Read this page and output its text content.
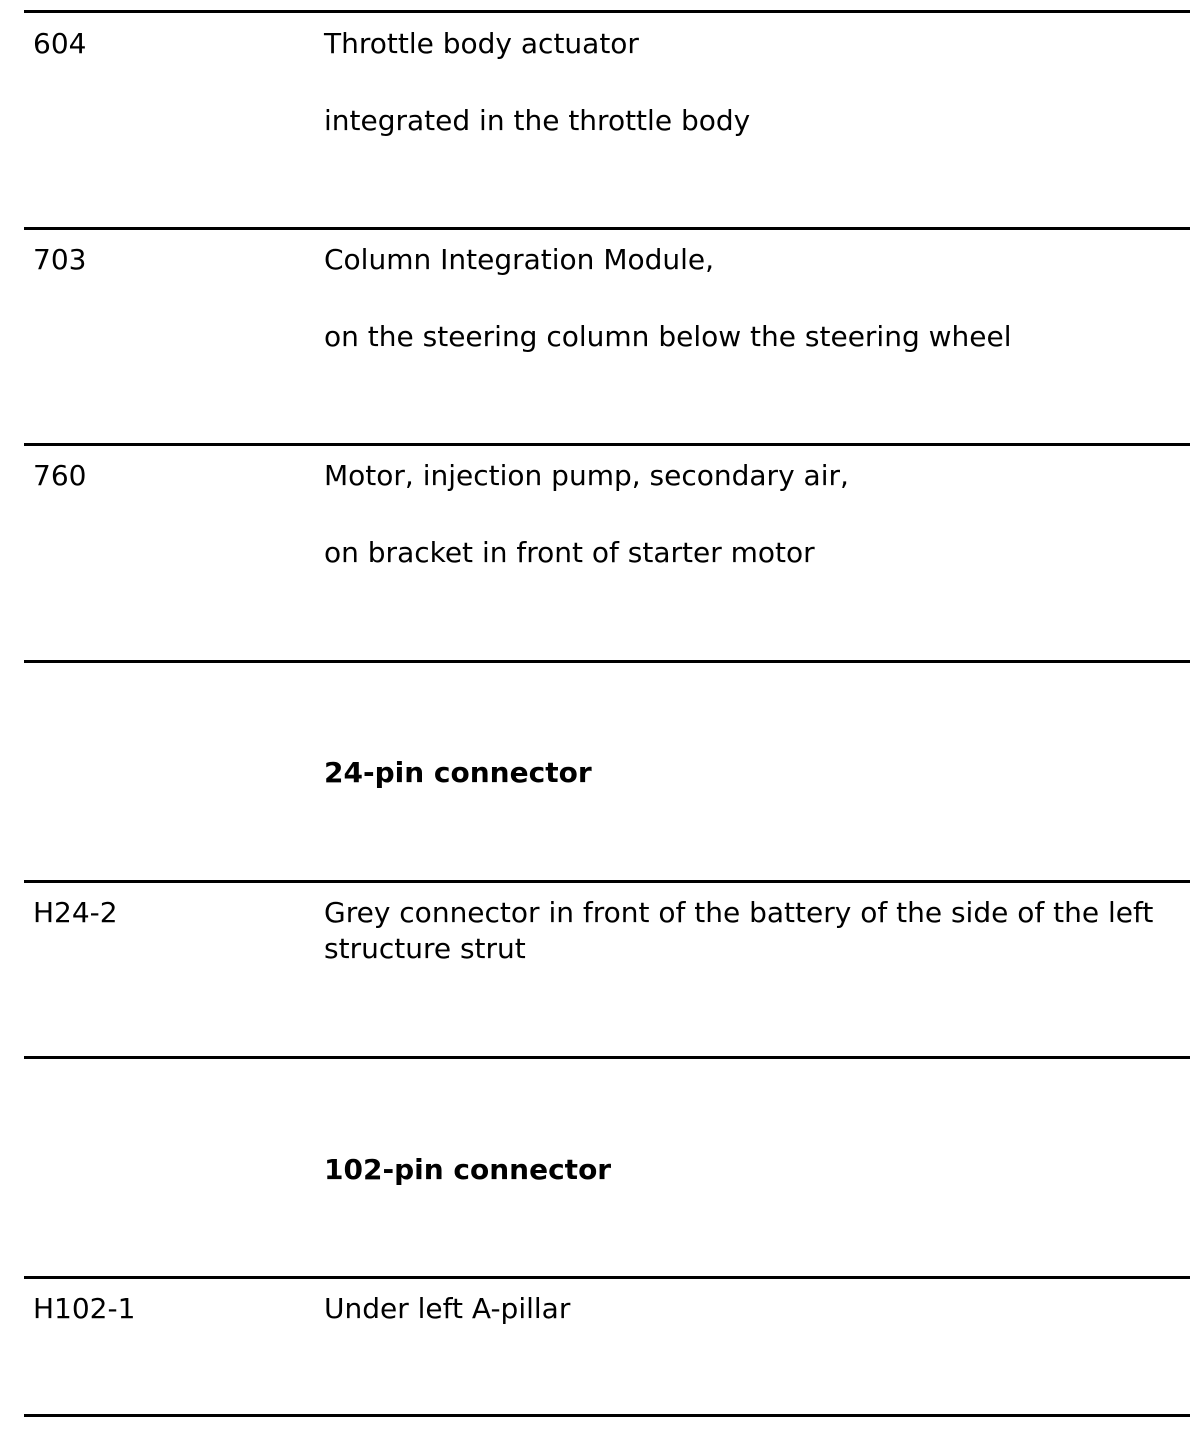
604	Throttle body actuator
integrated in the throttle body
703	Column Integration Module,
on the steering column below the steering wheel
760	Motor, injection pump, secondary air,
on bracket in front of starter motor
24-pin connector
H24-2	Grey connector in front of the battery of the side of the left structure strut
102-pin connector
H102-1	Under left A-pillar
